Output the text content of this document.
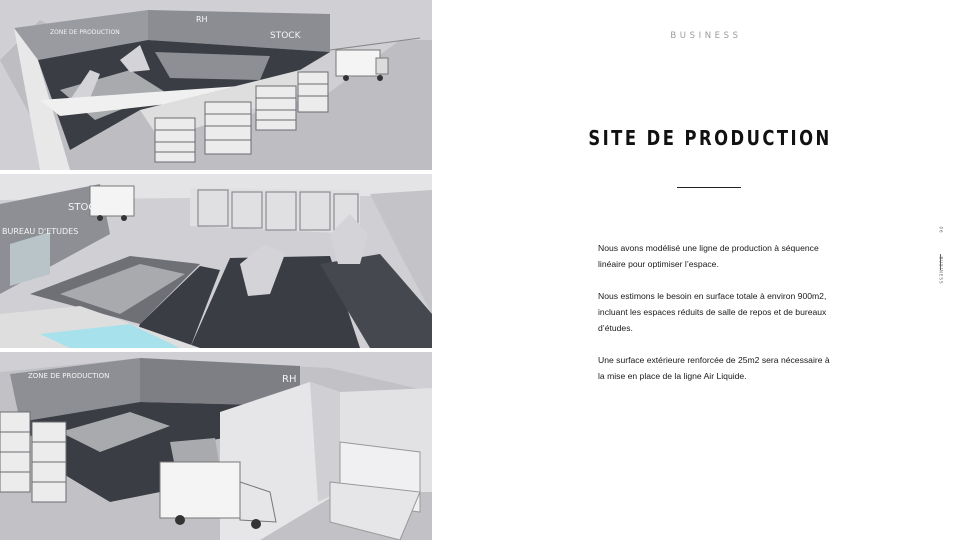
ZONE DE PRODUCTION
RH
STOCK
STOCK
BUREAU D'ETUDES
ZONE DE PRODUCTION	RH
BUSINESS
SITE DE PRODUCTION

Nous avons modélisé une ligne de production à séquence linéaire pour optimiser l’espace.

Nous estimons le besoin en surface totale à environ 900m2, incluant les espaces réduits de salle de repos et de bureaux d’études.

Une surface extérieure renforcée de 25m2 sera nécessaire à la mise en place de la ligne Air Liquide.

06
BUSINESS
